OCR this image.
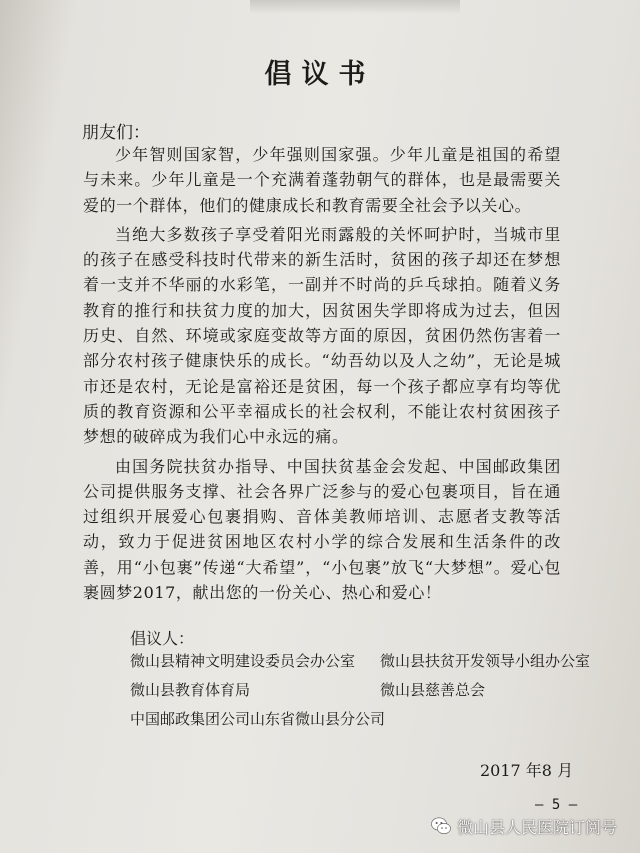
倡议书
朋友们：

少年智则国家智，少年强则国家强。少年儿童是祖国的希望与未来。少年儿童是一个充满着蓬勃朝气的群体，也是最需要关爱的一个群体，他们的健康成长和教育需要全社会予以关心。

当绝大多数孩子享受着阳光雨露般的关怀呵护时，当城市里的孩子在感受科技时代带来的新生活时，贫困的孩子却还在梦想着一支并不华丽的水彩笔，一副并不时尚的乒乓球拍。随着义务教育的推行和扶贫力度的加大，因贫困失学即将成为过去，但因历史、自然、环境或家庭变故等方面的原因，贫困仍然伤害着一部分农村孩子健康快乐的成长。“幼吾幼以及人之幼”，无论是城市还是农村，无论是富裕还是贫困，每一个孩子都应享有均等优质的教育资源和公平幸福成长的社会权利，不能让农村贫困孩子梦想的破碎成为我们心中永远的痛。

由国务院扶贫办指导、中国扶贫基金会发起、中国邮政集团公司提供服务支撑、社会各界广泛参与的爱心包裹项目，旨在通过组织开展爱心包裹捐购、音体美教师培训、志愿者支教等活动，致力于促进贫困地区农村小学的综合发展和生活条件的改善，用“小包裹”传递“大希望”，“小包裹”放飞“大梦想”。爱心包裹圆梦2017，献出您的一份关心、热心和爱心！

倡议人：
微山县精神文明建设委员会办公室 微山县扶贫开发领导小组办公室
微山县教育体育局	微山县慈善总会
中国邮政集团公司山东省微山县分公司
2017 年8 月
— 5 —
微山县人民医院订阅号
